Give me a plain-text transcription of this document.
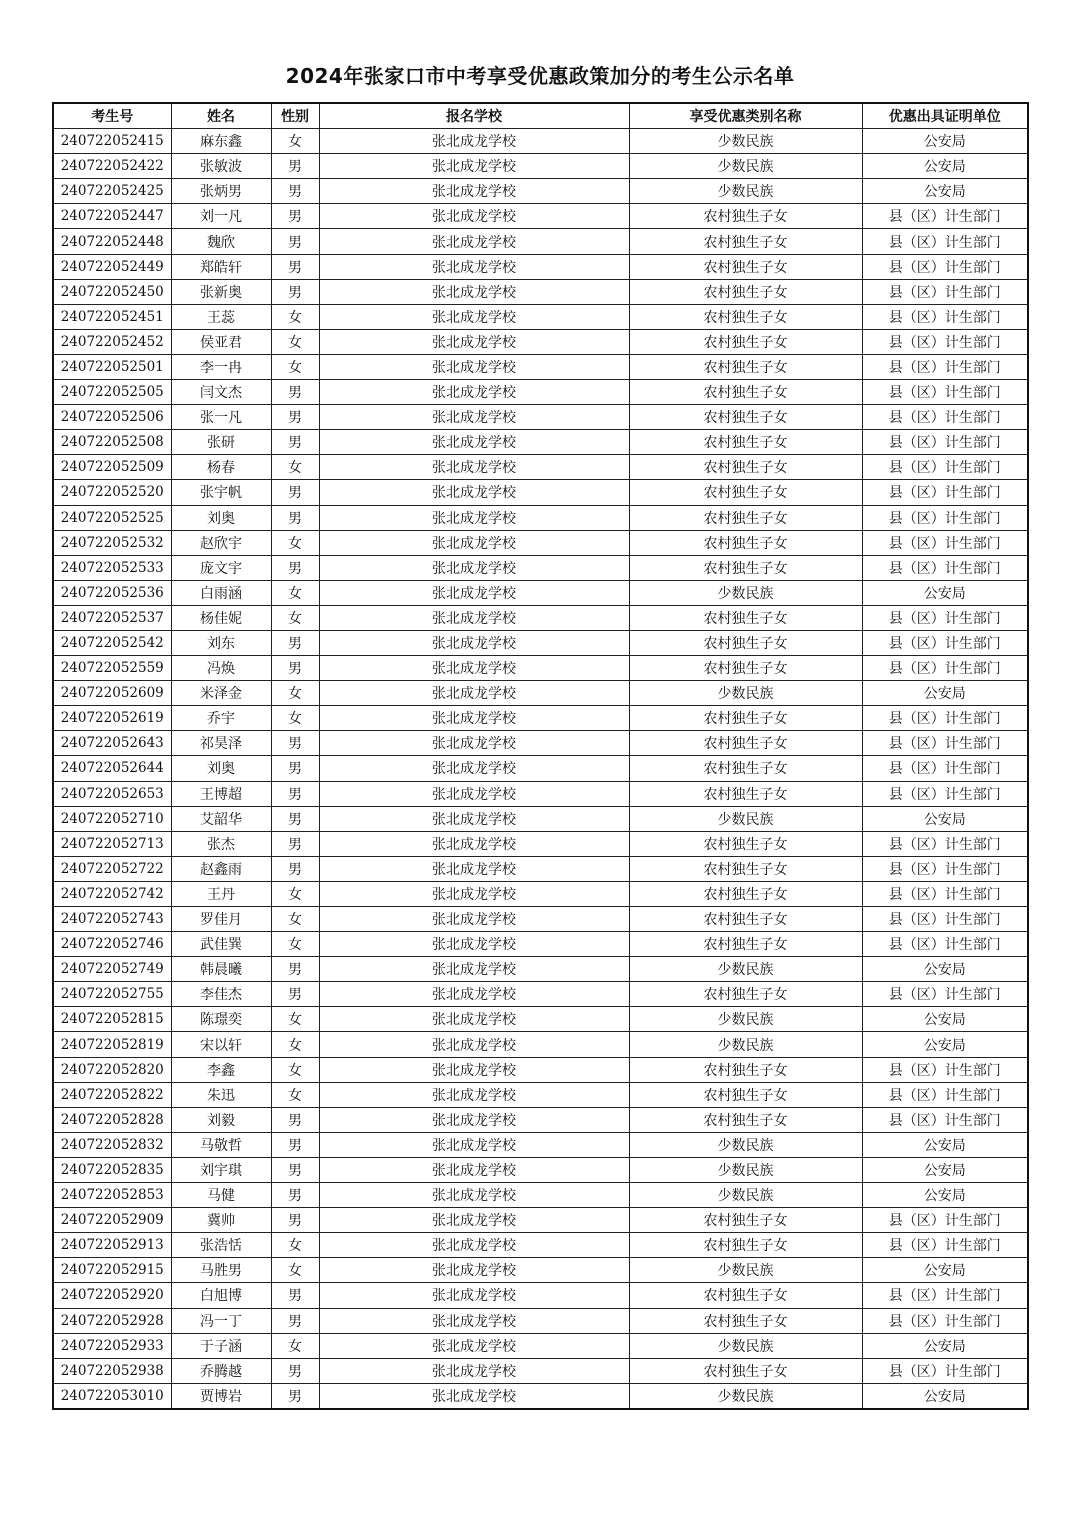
2024年张家口市中考享受优惠政策加分的考生公示名单
考生号	姓名	性别	报名学校	享受优惠类别名称	优惠出具证明单位
240722052415	麻东鑫	女	张北成龙学校	少数民族	公安局
240722052422	张敏波	男	张北成龙学校	少数民族	公安局
240722052425	张炳男	男	张北成龙学校	少数民族	公安局
240722052447	刘一凡	男	张北成龙学校	农村独生子女	县（区）计生部门
240722052448	魏欣	男	张北成龙学校	农村独生子女	县（区）计生部门
240722052449	郑皓轩	男	张北成龙学校	农村独生子女	县（区）计生部门
240722052450	张新奥	男	张北成龙学校	农村独生子女	县（区）计生部门
240722052451	王蕊	女	张北成龙学校	农村独生子女	县（区）计生部门
240722052452	侯亚君	女	张北成龙学校	农村独生子女	县（区）计生部门
240722052501	李一冉	女	张北成龙学校	农村独生子女	县（区）计生部门
240722052505	闫文杰	男	张北成龙学校	农村独生子女	县（区）计生部门
240722052506	张一凡	男	张北成龙学校	农村独生子女	县（区）计生部门
240722052508	张研	男	张北成龙学校	农村独生子女	县（区）计生部门
240722052509	杨春	女	张北成龙学校	农村独生子女	县（区）计生部门
240722052520	张宇帆	男	张北成龙学校	农村独生子女	县（区）计生部门
240722052525	刘奥	男	张北成龙学校	农村独生子女	县（区）计生部门
240722052532	赵欣宇	女	张北成龙学校	农村独生子女	县（区）计生部门
240722052533	庞文宇	男	张北成龙学校	农村独生子女	县（区）计生部门
240722052536	白雨涵	女	张北成龙学校	少数民族	公安局
240722052537	杨佳妮	女	张北成龙学校	农村独生子女	县（区）计生部门
240722052542	刘东	男	张北成龙学校	农村独生子女	县（区）计生部门
240722052559	冯焕	男	张北成龙学校	农村独生子女	县（区）计生部门
240722052609	米泽金	女	张北成龙学校	少数民族	公安局
240722052619	乔宇	女	张北成龙学校	农村独生子女	县（区）计生部门
240722052643	祁昊泽	男	张北成龙学校	农村独生子女	县（区）计生部门
240722052644	刘奥	男	张北成龙学校	农村独生子女	县（区）计生部门
240722052653	王博超	男	张北成龙学校	农村独生子女	县（区）计生部门
240722052710	艾韶华	男	张北成龙学校	少数民族	公安局
240722052713	张杰	男	张北成龙学校	农村独生子女	县（区）计生部门
240722052722	赵鑫雨	男	张北成龙学校	农村独生子女	县（区）计生部门
240722052742	王丹	女	张北成龙学校	农村独生子女	县（区）计生部门
240722052743	罗佳月	女	张北成龙学校	农村独生子女	县（区）计生部门
240722052746	武佳巽	女	张北成龙学校	农村独生子女	县（区）计生部门
240722052749	韩晨曦	男	张北成龙学校	少数民族	公安局
240722052755	李佳杰	男	张北成龙学校	农村独生子女	县（区）计生部门
240722052815	陈璟奕	女	张北成龙学校	少数民族	公安局
240722052819	宋以轩	女	张北成龙学校	少数民族	公安局
240722052820	李鑫	女	张北成龙学校	农村独生子女	县（区）计生部门
240722052822	朱迅	女	张北成龙学校	农村独生子女	县（区）计生部门
240722052828	刘毅	男	张北成龙学校	农村独生子女	县（区）计生部门
240722052832	马敬哲	男	张北成龙学校	少数民族	公安局
240722052835	刘宇琪	男	张北成龙学校	少数民族	公安局
240722052853	马健	男	张北成龙学校	少数民族	公安局
240722052909	冀帅	男	张北成龙学校	农村独生子女	县（区）计生部门
240722052913	张浩恬	女	张北成龙学校	农村独生子女	县（区）计生部门
240722052915	马胜男	女	张北成龙学校	少数民族	公安局
240722052920	白旭博	男	张北成龙学校	农村独生子女	县（区）计生部门
240722052928	冯一丁	男	张北成龙学校	农村独生子女	县（区）计生部门
240722052933	于子涵	女	张北成龙学校	少数民族	公安局
240722052938	乔腾越	男	张北成龙学校	农村独生子女	县（区）计生部门
240722053010	贾博岩	男	张北成龙学校	少数民族	公安局
